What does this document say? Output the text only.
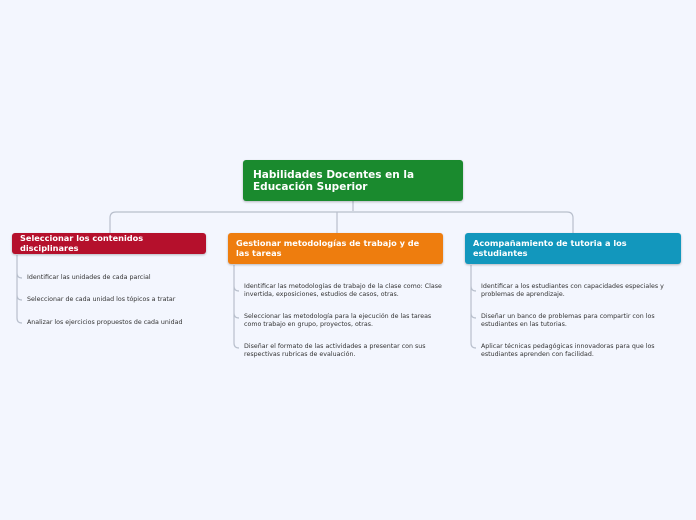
Habilidades Docentes en la Educación Superior
Seleccionar los contenidos disciplinares	Gestionar metodologías de trabajo y de las tareas
Acompañamiento de tutoria a los estudiantes
Identificar las unidades de cada parcial
Seleccionar de cada unidad los tópicos a tratar
Analizar los ejercicios propuestos de cada unidad
Identificar las metodologías de trabajo de la clase como: Clase invertida, exposiciones, estudios de casos, otras.
Seleccionar las metodología para la ejecución de las tareas como trabajo en grupo, proyectos, otras.
Diseñar el formato de las actividades a presentar con sus respectivas rubricas de evaluación.
Identificar a los estudiantes con capacidades especiales y problemas de aprendizaje.
Diseñar un banco de problemas para compartir con los estudiantes en las tutorias.
Aplicar técnicas pedagógicas innovadoras para que los estudiantes aprenden con facilidad.
